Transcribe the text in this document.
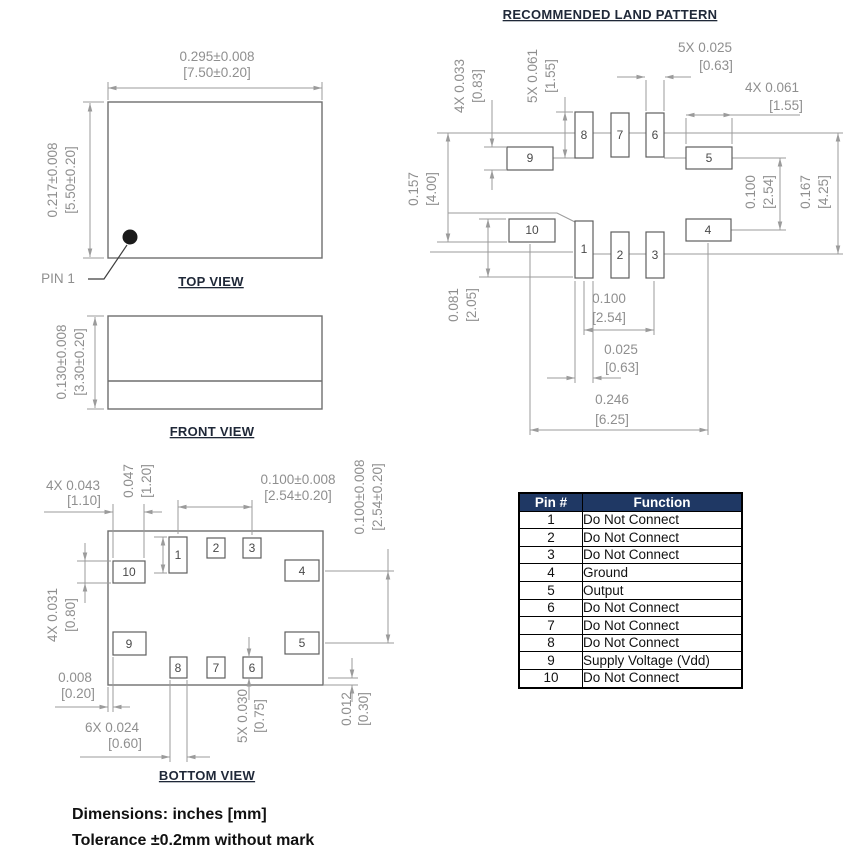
0.295±0.008
[7.50±0.20]
0.217±0.008 [5.50±0.20]
PIN 1	TOP VIEW
0.130±0.008 [3.30±0.20]
FRONT VIEW
1	2 3
4
5
6
7
8
9
10
4X 0.043
[1.10]
0.047 [1.20]	0.100±0.008
[2.54±0.20] 0.100±0.008 [2.54±0.20]
4X 0.031 [0.80]
0.008
[0.20]
6X 0.024
[0.60]
5X 0.030 [0.75]	0.012 [0.30]
BOTTOM VIEW
RECOMMENDED LAND PATTERN
9
8 7 6
5
10
1 2 3
4
4X 0.033 [0.83]	5X 0.061 [1.55]
5X 0.025
[0.63]
4X 0.061
[1.55]
0.157 [4.00]
0.081 [2.05]	0.100
[2.54]
0.025
[0.63]
0.246
[6.25]
0.100 [2.54] 0.167 [4.25]
Pin #	Function
1	Do Not Connect
2	Do Not Connect
3	Do Not Connect
4	Ground
5	Output
6	Do Not Connect
7	Do Not Connect
8	Do Not Connect
9	Supply Voltage (Vdd)
10	Do Not Connect
Dimensions: inches [mm]
Tolerance ±0.2mm without mark
